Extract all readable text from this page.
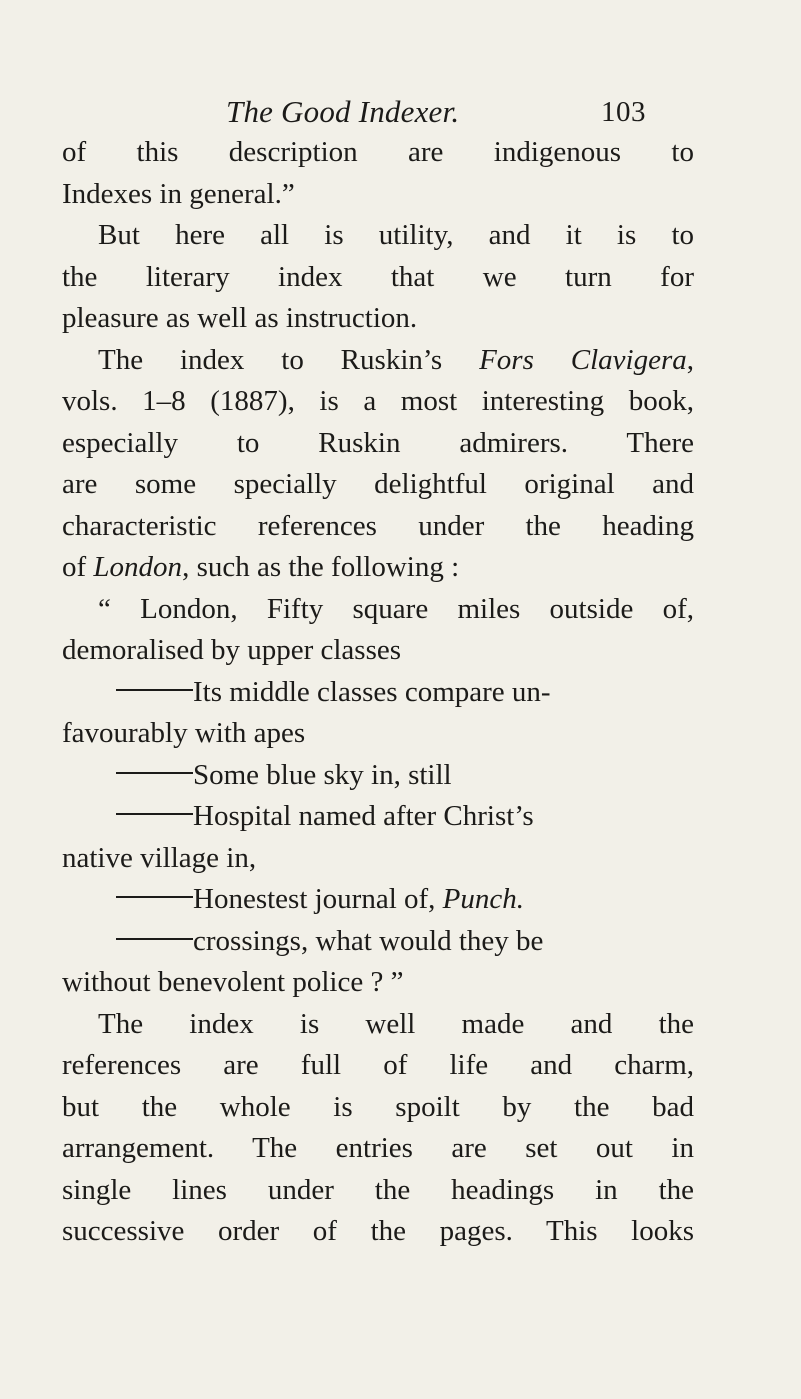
The Good Indexer.	103
of this description are indigenous to
Indexes in general.”
But here all is utility, and it is to
the literary index that we turn for
pleasure as well as instruction.
The index to Ruskin’s Fors Clavigera,
vols. 1–8 (1887), is a most interesting book,
especially to Ruskin admirers. There
are some specially delightful original and
characteristic references under the heading
of London, such as the following :
“ London, Fifty square miles outside of,
demoralised by upper classes
Its middle classes compare un-
favourably with apes
Some blue sky in, still
Hospital named after Christ’s
native village in,
Honestest journal of, Punch.
crossings, what would they be
without benevolent police ? ”
The index is well made and the
references are full of life and charm,
but the whole is spoilt by the bad
arrangement. The entries are set out in
single lines under the headings in the
successive order of the pages. This looks
